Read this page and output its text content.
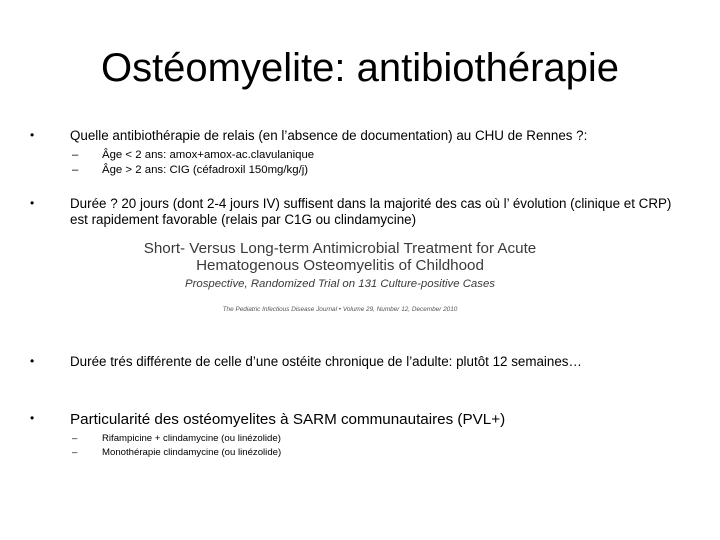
Ostéomyelite: antibiothérapie
•	Quelle antibiothérapie de relais (en l’absence de documentation) au CHU de Rennes ?:
– Âge < 2 ans: amox+amox-ac.clavulanique
– Âge > 2 ans: CIG (céfadroxil 150mg/kg/j)
•	Durée ? 20 jours (dont 2-4 jours IV) suffisent dans la majorité des cas où l’ évolution (clinique et CRP) est rapidement favorable (relais par C1G ou clindamycine)
Short- Versus Long-term Antimicrobial Treatment for Acute
Hematogenous Osteomyelitis of Childhood
Prospective, Randomized Trial on 131 Culture-positive Cases
The Pediatric Infectious Disease Journal • Volume 29, Number 12, December 2010
•	Durée trés différente de celle d’une ostéite chronique de l’adulte: plutôt 12 semaines…
• Particularité des ostéomyelites à SARM communautaires (PVL+)
–	Rifampicine + clindamycine (ou linézolide)
–	Monothérapie clindamycine (ou linézolide)
